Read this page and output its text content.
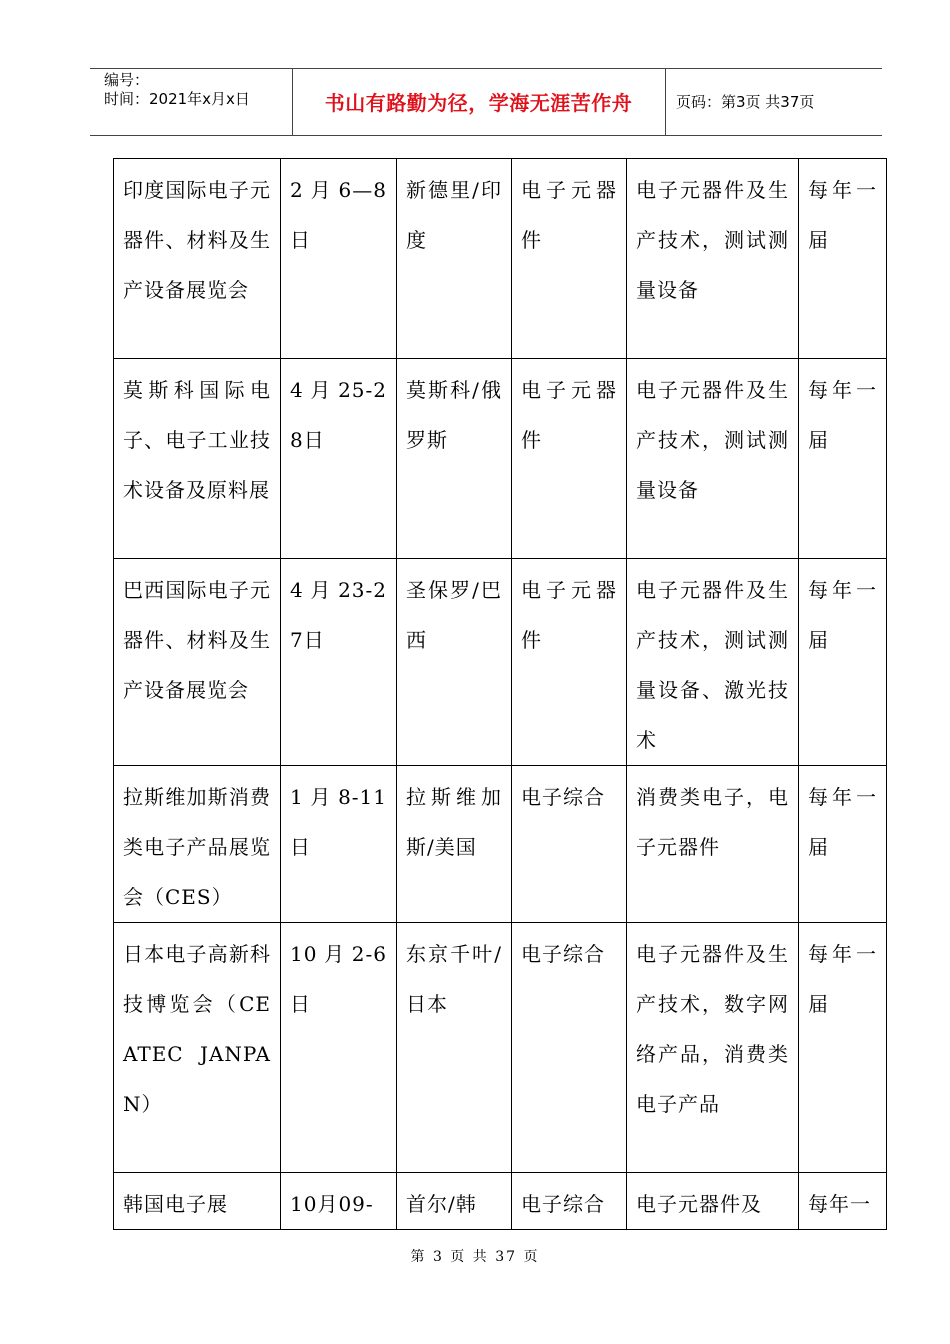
编号：
时间：2021年x月x日	书山有路勤为径，学海无涯苦作舟	页码：第3页 共37页
印度国际电子元器件、材料及生产设备展览会	2月6—8日	新德里/印度	电子元器件	电子元器件及生产技术，测试测量设备	每年一届
莫斯科国际电子、电子工业技术设备及原料展	4月25-28日	莫斯科/俄罗斯	电子元器件	电子元器件及生产技术，测试测量设备	每年一届
巴西国际电子元器件、材料及生产设备展览会	4月23-27日	圣保罗/巴西	电子元器件	电子元器件及生产技术，测试测量设备、激光技术	每年一届
拉斯维加斯消费类电子产品展览会（CES）	1月8-11日	拉斯维加斯/美国	电子综合	消费类电子，电子元器件	每年一届
日本电子高新科技博览会（CEATEC JANPAN）	10月2-6日	东京千叶/日本	电子综合	电子元器件及生产技术，数字网络产品，消费类电子产品	每年一届
韩国电子展	10月09-	首尔/韩	电子综合	电子元器件及	每年一
第 3 页 共 37 页
